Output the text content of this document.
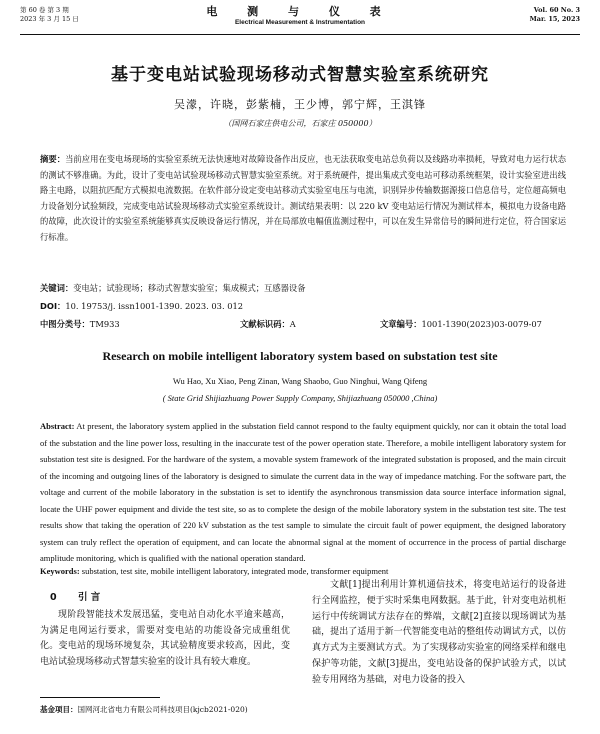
第 60 卷 第 3 期
2023 年 3 月 15 日
电 测 与 仪 表
Electrical Measurement & Instrumentation
Vol. 60 No. 3
Mar. 15, 2023
基于变电站试验现场移动式智慧实验室系统研究
吴濛，许晓，彭紫楠，王少博，郭宁辉，王淇锋
（国网石家庄供电公司，石家庄 050000）
摘要：当前应用在变电场现场的实验室系统无法快速地对故障设备作出反应，也无法获取变电站总负荷以及线路功率损耗，导致对电力运行状态的测试不够准确。为此，设计了变电站试验现场移动式智慧实验室系统。对于系统硬件，提出集成式变电站可移动系统框架，设计实验室进出线路主电路，以阻抗匹配方式模拟电流数据。在软件部分设定变电站移动式实验室电压与电流，识别异步传输数据源接口信息信号，定位超高频电力设备划分试验频段，完成变电站试验现场移动式实验室系统设计。测试结果表明：以 220 kV 变电站运行情况为测试样本，模拟电力设备电路的故障，此次设计的实验室系统能够真实反映设备运行情况，并在局部放电幅值监测过程中，可以在发生异常信号的瞬间进行定位，符合国家运行标准。
关键词：变电站；试验现场；移动式智慧实验室；集成模式；互感器设备
DOI：10. 19753/j. issn1001-1390. 2023. 03. 012
中图分类号：TM933	文献标识码：A	文章编号：1001-1390(2023)03-0079-07
Research on mobile intelligent laboratory system based on substation test site
Wu Hao, Xu Xiao, Peng Zinan, Wang Shaobo, Guo Ninghui, Wang Qifeng
( State Grid Shijiazhuang Power Supply Company, Shijiazhuang 050000 ,China)
Abstract: At present, the laboratory system applied in the substation field cannot respond to the faulty equipment quickly, nor can it obtain the total load of the substation and the line power loss, resulting in the inaccurate test of the power operation state. Therefore, a mobile intelligent laboratory system for substation test site is designed. For the hardware of the system, a movable system framework of the integrated substation is proposed, and the main circuit of the incoming and outgoing lines of the laboratory is designed to simulate the current data in the way of impedance matching. For the software part, the voltage and current of the mobile laboratory in the substation is set to identify the asynchronous transmission data source interface information signal, locate the UHF power equipment and divide the test site, so as to complete the design of the mobile laboratory system in the substation test site. The test results show that taking the operation of 220 kV substation as the test sample to simulate the circuit fault of power equipment, the designed laboratory system can truly reflect the operation of equipment, and can locate the abnormal signal at the moment of occurrence in the process of partial discharge amplitude monitoring, which is qualified with the national operation standard.
Keywords: substation, test site, mobile intelligent laboratory, integrated mode, transformer equipment
0 引 言

现阶段智能技术发展迅猛，变电站自动化水平逾来越高，为满足电网运行要求，需要对变电站的功能设备完成重组优化。变电站的现场环境复杂，其试验精度要求较高，因此，变电站试验现场移动式智慧实验室的设计具有较大难度。

文献[1]提出利用计算机通信技术，将变电站运行的设备进行全网监控，便于实时采集电网数据。基于此，针对变电站机柜运行中传统调试方法存在的弊端，文献[2]直接以现场调试为基础，提出了适用于新一代智能变电站的整组传动调试方式，以仿真方式为主要测试方式。为了实现移动实验室的网络采样和继电保护等功能，文献[3]提出，变电站设备的保护试验方式，以试验专用网络为基础，对电力设备的投入

基金项目：国网河北省电力有限公司科技项目(kjcb2021-020)
